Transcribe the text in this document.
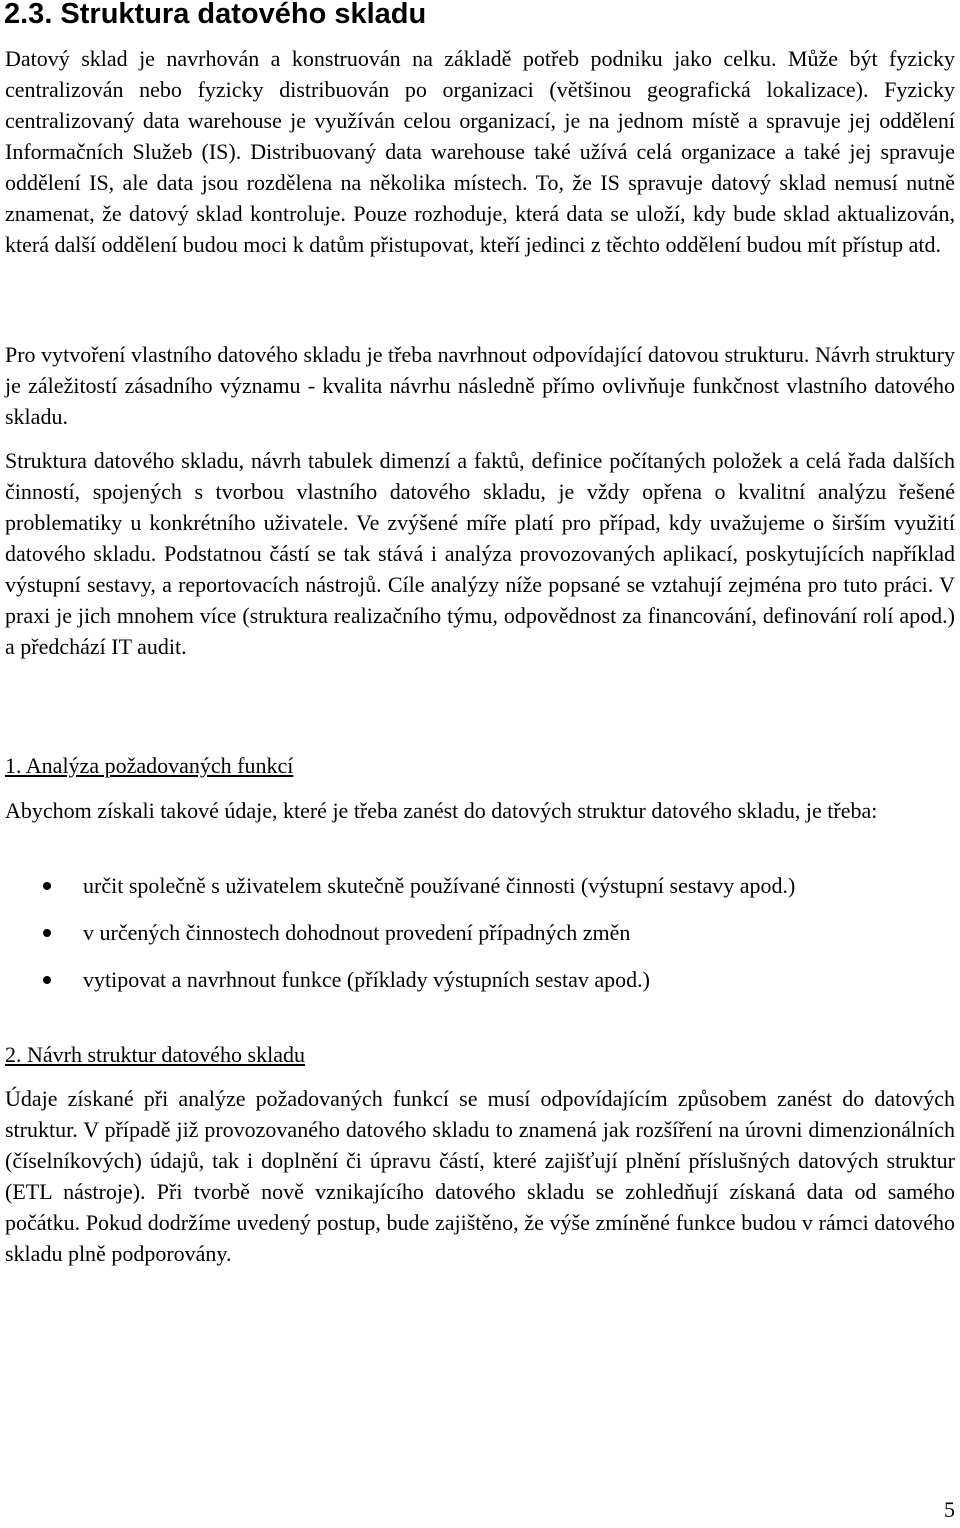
2.3. Struktura datového skladu

Datový sklad je navrhován a konstruován na základě potřeb podniku jako celku. Může být fyzicky centralizován nebo fyzicky distribuován po organizaci (většinou geografická lokalizace). Fyzicky centralizovaný data warehouse je využíván celou organizací, je na jednom místě a spravuje jej oddělení Informačních Služeb (IS). Distribuovaný data warehouse také užívá celá organizace a také jej spravuje oddělení IS, ale data jsou rozdělena na několika místech. To, že IS spravuje datový sklad nemusí nutně znamenat, že datový sklad kontroluje. Pouze rozhoduje, která data se uloží, kdy bude sklad aktualizován, která další oddělení budou moci k datům přistupovat, kteří jedinci z těchto oddělení budou mít přístup atd.

Pro vytvoření vlastního datového skladu je třeba navrhnout odpovídající datovou strukturu. Návrh struktury je záležitostí zásadního významu - kvalita návrhu následně přímo ovlivňuje funkčnost vlastního datového skladu.

Struktura datového skladu, návrh tabulek dimenzí a faktů, definice počítaných položek a celá řada dalších činností, spojených s tvorbou vlastního datového skladu, je vždy opřena o kvalitní analýzu řešené problematiky u konkrétního uživatele. Ve zvýšené míře platí pro případ, kdy uvažujeme o širším využití datového skladu. Podstatnou částí se tak stává i analýza provozovaných aplikací, poskytujících například výstupní sestavy, a reportovacích nástrojů. Cíle analýzy níže popsané se vztahují zejména pro tuto práci. V praxi je jich mnohem více (struktura realizačního týmu, odpovědnost za financování, definování rolí apod.) a předchází IT audit.

1. Analýza požadovaných funkcí

Abychom získali takové údaje, které je třeba zanést do datových struktur datového skladu, je třeba:

určit společně s uživatelem skutečně používané činnosti (výstupní sestavy apod.)
v určených činnostech dohodnout provedení případných změn
vytipovat a navrhnout funkce (příklady výstupních sestav apod.)
2. Návrh struktur datového skladu

Údaje získané při analýze požadovaných funkcí se musí odpovídajícím způsobem zanést do datových struktur. V případě již provozovaného datového skladu to znamená jak rozšíření na úrovni dimenzionálních (číselníkových) údajů, tak i doplnění či úpravu částí, které zajišťují plnění příslušných datových struktur (ETL nástroje). Při tvorbě nově vznikajícího datového skladu se zohledňují získaná data od samého počátku. Pokud dodržíme uvedený postup, bude zajištěno, že výše zmíněné funkce budou v rámci datového skladu plně podporovány.

5
